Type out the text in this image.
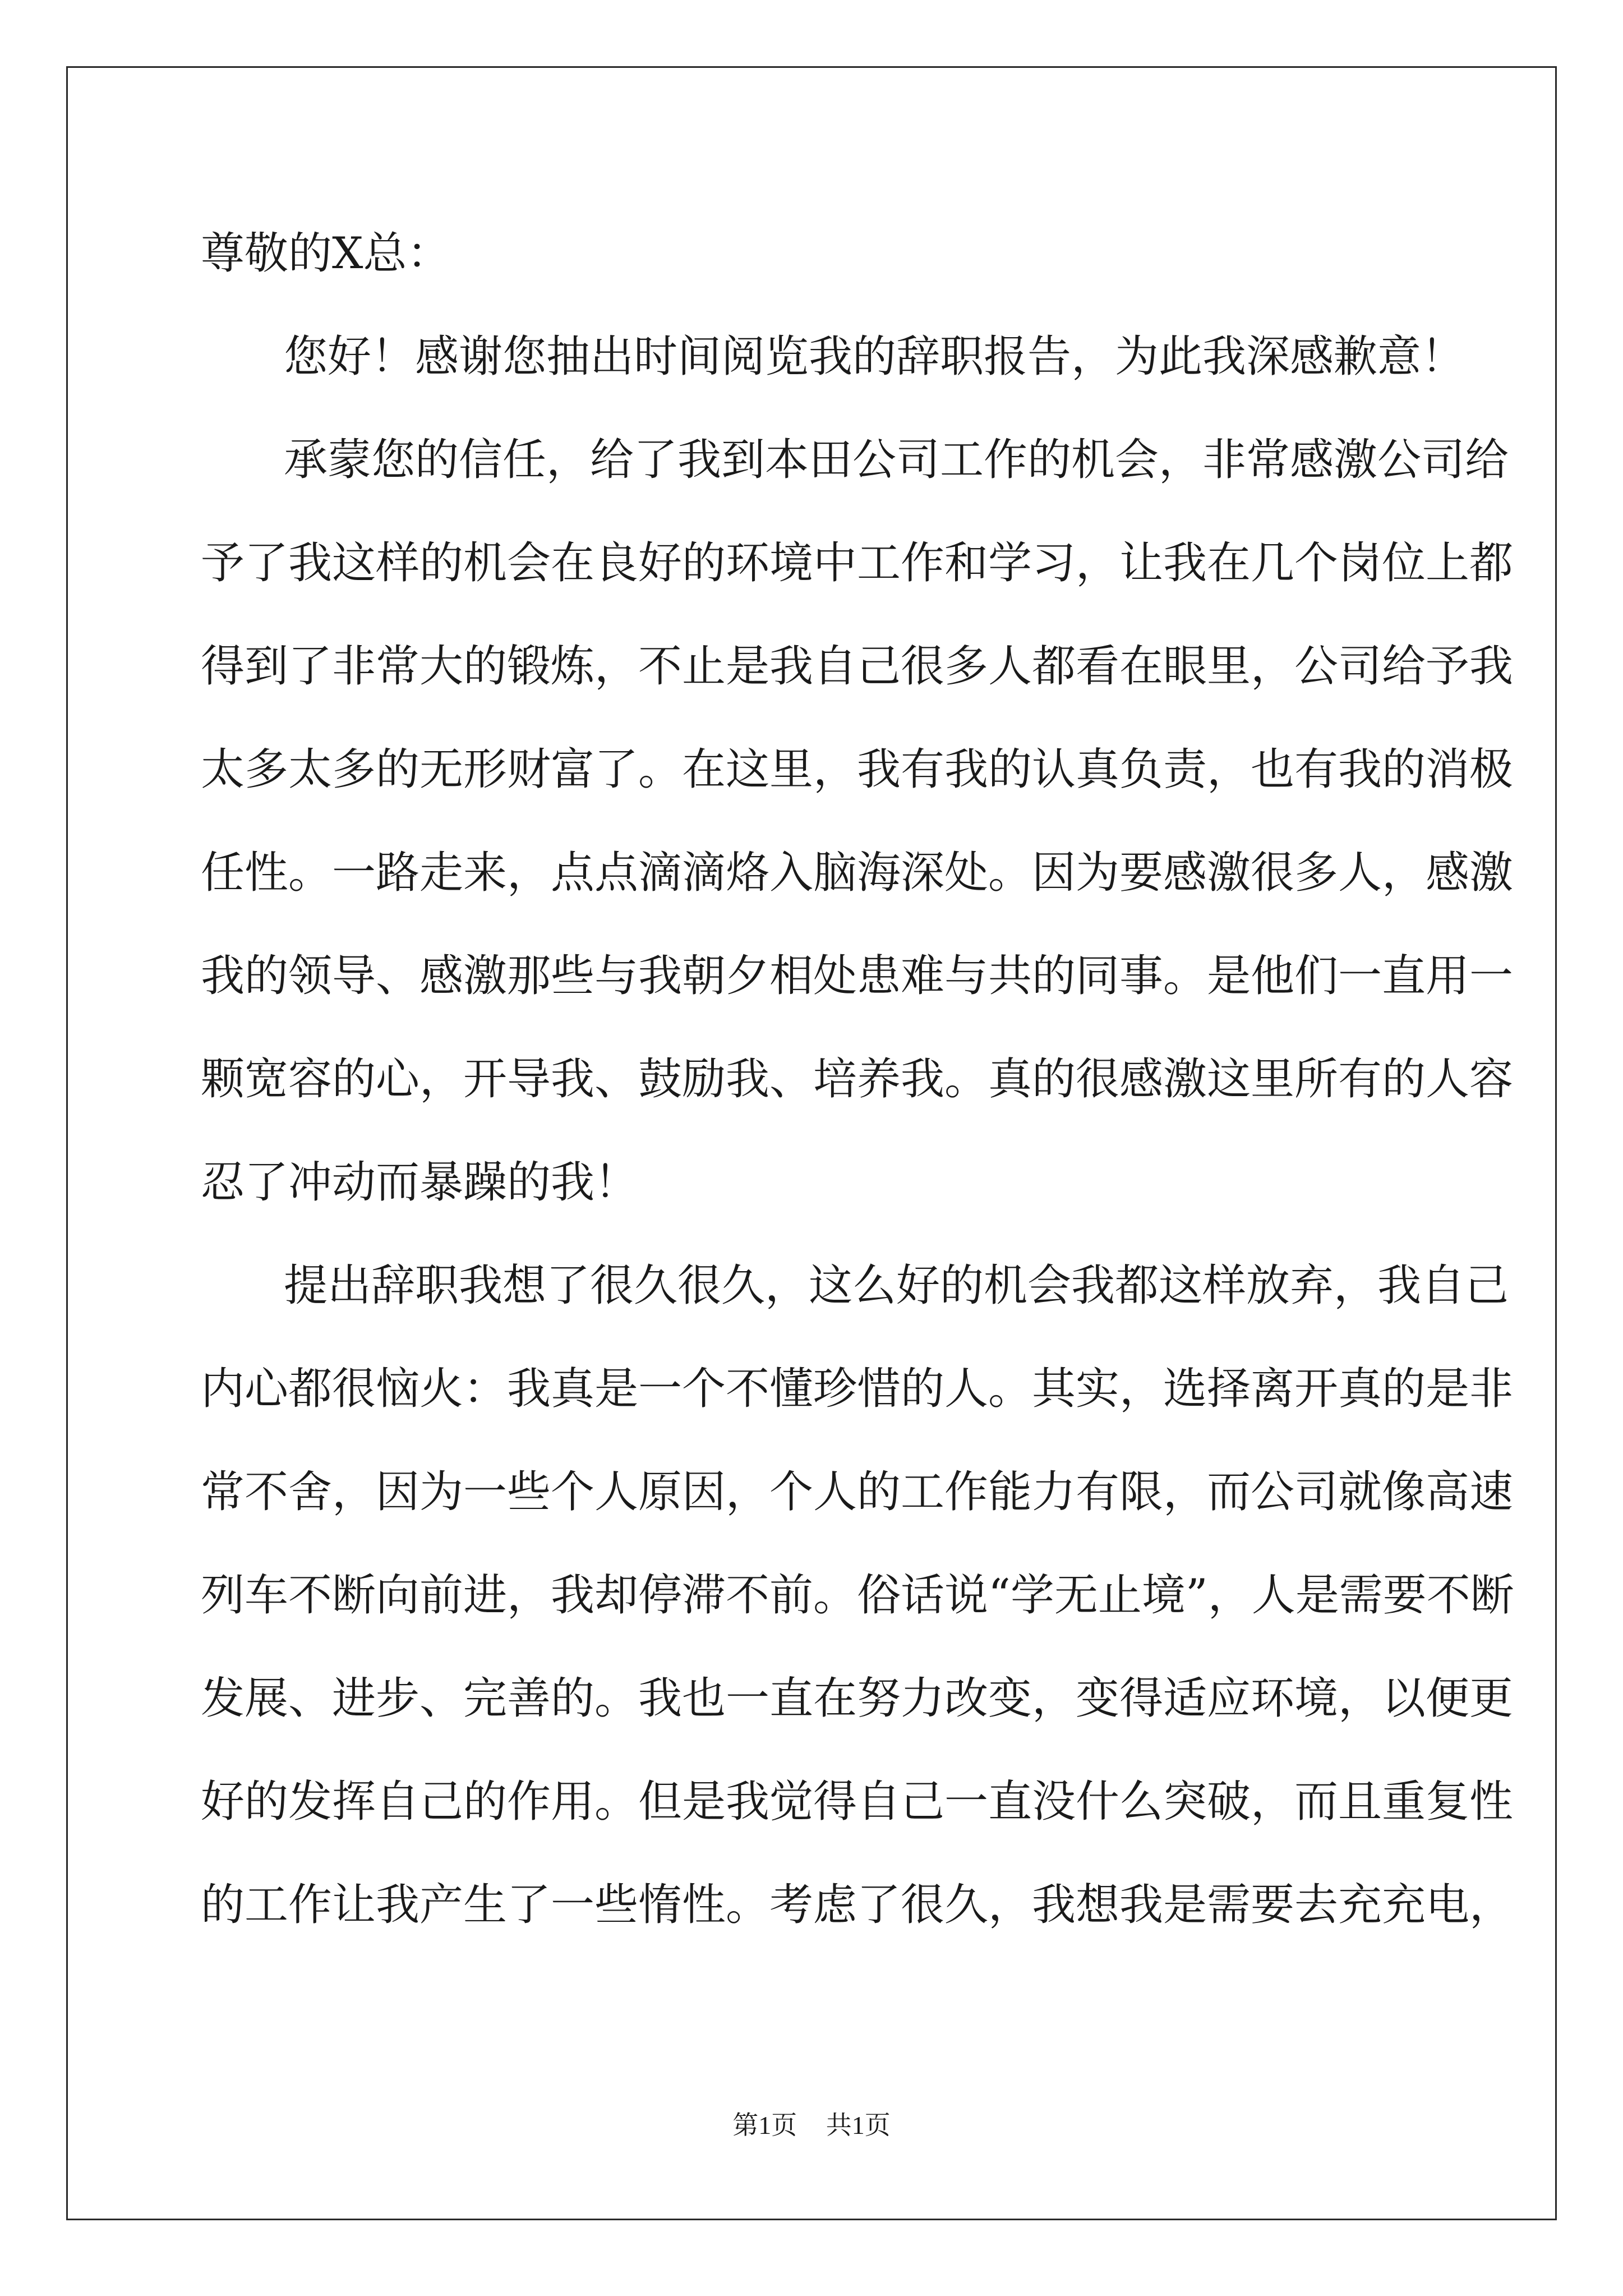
尊敬的X总：
您好！感谢您抽出时间阅览我的辞职报告，为此我深感歉意！
承蒙您的信任，给了我到本田公司工作的机会，非常感激公司给
予了我这样的机会在良好的环境中工作和学习，让我在几个岗位上都
得到了非常大的锻炼，不止是我自己很多人都看在眼里，公司给予我
太多太多的无形财富了。在这里，我有我的认真负责，也有我的消极
任性。一路走来，点点滴滴烙入脑海深处。因为要感激很多人，感激
我的领导、感激那些与我朝夕相处患难与共的同事。是他们一直用一
颗宽容的心，开导我、鼓励我、培养我。真的很感激这里所有的人容
忍了冲动而暴躁的我！
提出辞职我想了很久很久，这么好的机会我都这样放弃，我自己
内心都很恼火：我真是一个不懂珍惜的人。其实，选择离开真的是非
常不舍，因为一些个人原因，个人的工作能力有限，而公司就像高速
列车不断向前进，我却停滞不前。俗话说“学无止境”，人是需要不断
发展、进步、完善的。我也一直在努力改变，变得适应环境，以便更
好的发挥自己的作用。但是我觉得自己一直没什么突破，而且重复性
的工作让我产生了一些惰性。考虑了很久，我想我是需要去充充电，
第1页 共1页
